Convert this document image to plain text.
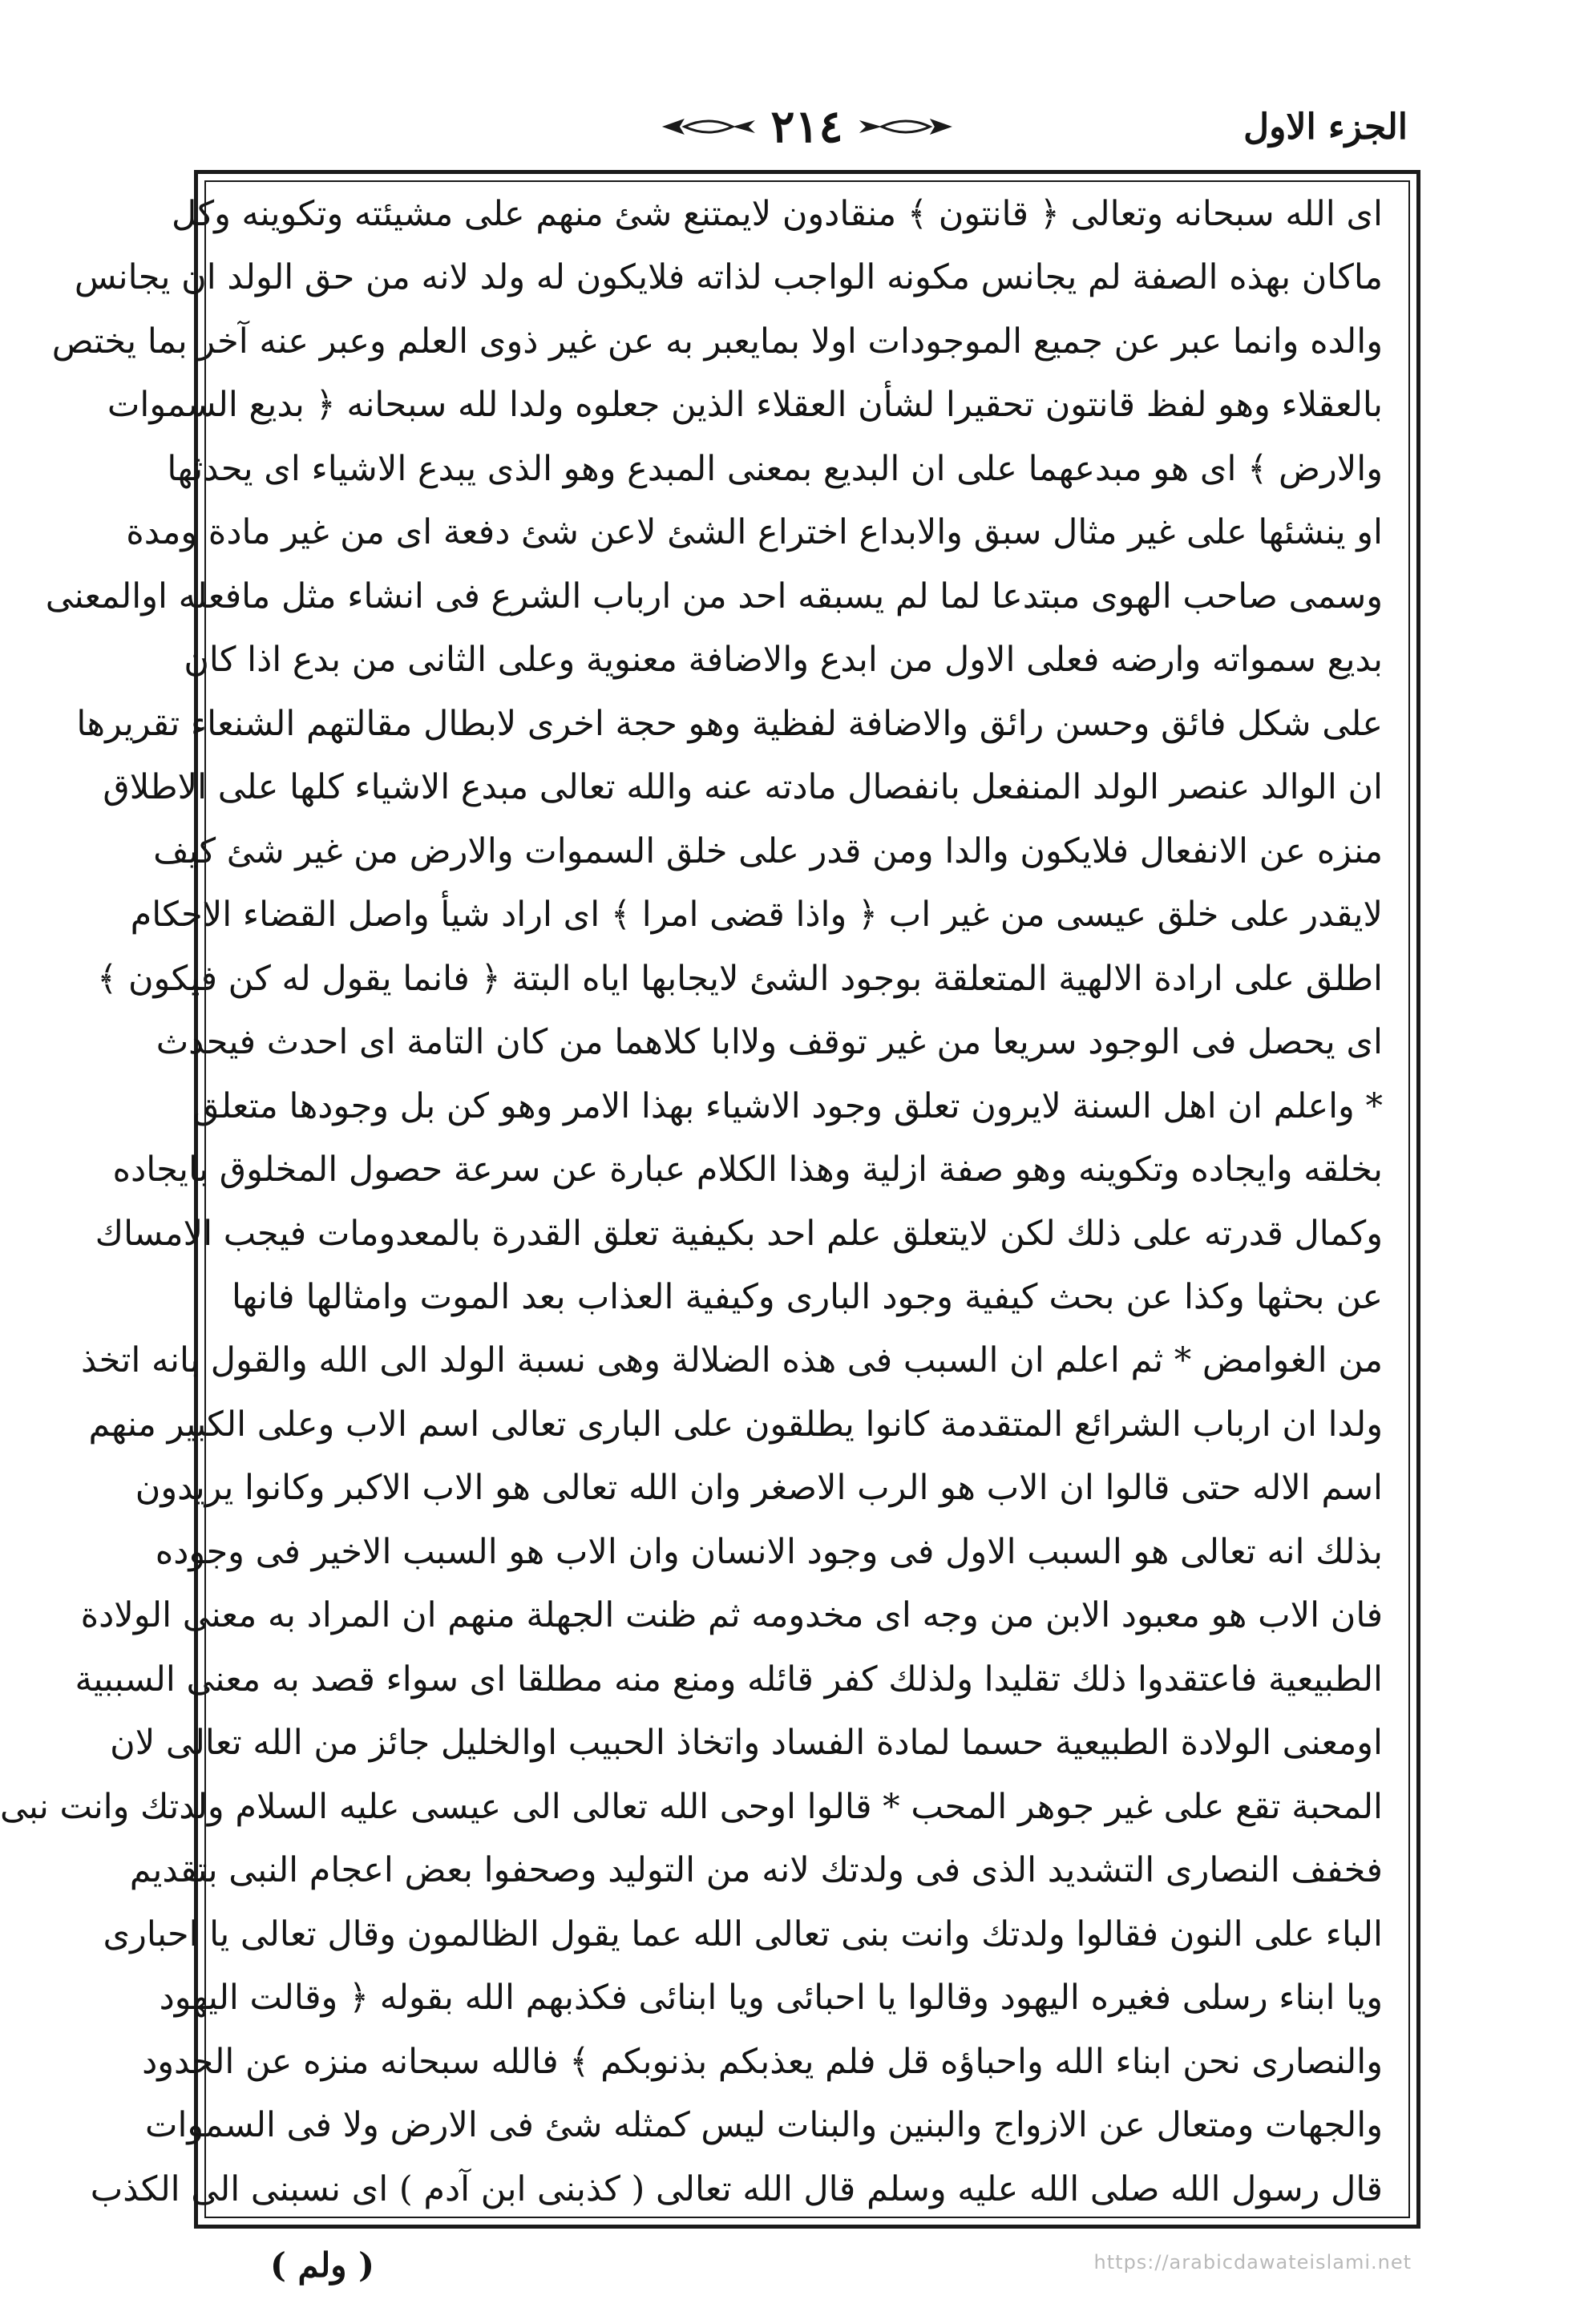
الجزء الاول
٢١٤
اى الله سبحانه وتعالى ﴿ قانتون ﴾ منقادون لايمتنع شئ منهم على مشيئته وتكوينه وكل
ماكان بهذه الصفة لم يجانس مكونه الواجب لذاته فلايكون له ولد لانه من حق الولد ان يجانس
والده وانما عبر عن جميع الموجودات اولا بمايعبر به عن غير ذوى العلم وعبر عنه آخر بما يختص
بالعقلاء وهو لفظ قانتون تحقيرا لشأن العقلاء الذين جعلوه ولدا لله سبحانه ﴿ بديع السموات
والارض ﴾ اى هو مبدعهما على ان البديع بمعنى المبدع وهو الذى يبدع الاشياء اى يحدثها
او ينشئها على غير مثال سبق والابداع اختراع الشئ لاعن شئ دفعة اى من غير مادة ومدة
وسمى صاحب الهوى مبتدعا لما لم يسبقه احد من ارباب الشرع فى انشاء مثل مافعله اوالمعنى
بديع سمواته وارضه فعلى الاول من ابدع والاضافة معنوية وعلى الثانى من بدع اذا كان
على شكل فائق وحسن رائق والاضافة لفظية وهو حجة اخرى لابطال مقالتهم الشنعاء تقريرها
ان الوالد عنصر الولد المنفعل بانفصال مادته عنه والله تعالى مبدع الاشياء كلها على الاطلاق
منزه عن الانفعال فلايكون والدا ومن قدر على خلق السموات والارض من غير شئ كيف
لايقدر على خلق عيسى من غير اب ﴿ واذا قضى امرا ﴾ اى اراد شيأ واصل القضاء الاحكام
اطلق على ارادة الالهية المتعلقة بوجود الشئ لايجابها اياه البتة ﴿ فانما يقول له كن فيكون ﴾
اى يحصل فى الوجود سريعا من غير توقف ولاابا كلاهما من كان التامة اى احدث فيحدث
* واعلم ان اهل السنة لايرون تعلق وجود الاشياء بهذا الامر وهو كن بل وجودها متعلق
بخلقه وايجاده وتكوينه وهو صفة ازلية وهذا الكلام عبارة عن سرعة حصول المخلوق بايجاده
وكمال قدرته على ذلك لكن لايتعلق علم احد بكيفية تعلق القدرة بالمعدومات فيجب الامساك
عن بحثها وكذا عن بحث كيفية وجود البارى وكيفية العذاب بعد الموت وامثالها فانها
من الغوامض * ثم اعلم ان السبب فى هذه الضلالة وهى نسبة الولد الى الله والقول بانه اتخذ
ولدا ان ارباب الشرائع المتقدمة كانوا يطلقون على البارى تعالى اسم الاب وعلى الكبير منهم
اسم الاله حتى قالوا ان الاب هو الرب الاصغر وان الله تعالى هو الاب الاكبر وكانوا يريدون
بذلك انه تعالى هو السبب الاول فى وجود الانسان وان الاب هو السبب الاخير فى وجوده
فان الاب هو معبود الابن من وجه اى مخدومه ثم ظنت الجهلة منهم ان المراد به معنى الولادة
الطبيعية فاعتقدوا ذلك تقليدا ولذلك كفر قائله ومنع منه مطلقا اى سواء قصد به معنى السببية
اومعنى الولادة الطبيعية حسما لمادة الفساد واتخاذ الحبيب اوالخليل جائز من الله تعالى لان
المحبة تقع على غير جوهر المحب * قالوا اوحى الله تعالى الى عيسى عليه السلام ولدتك وانت نبى
فخفف النصارى التشديد الذى فى ولدتك لانه من التوليد وصحفوا بعض اعجام النبى بتقديم
الباء على النون فقالوا ولدتك وانت بنى تعالى الله عما يقول الظالمون وقال تعالى يا احبارى
ويا ابناء رسلى فغيره اليهود وقالوا يا احبائى ويا ابنائى فكذبهم الله بقوله ﴿ وقالت اليهود
والنصارى نحن ابناء الله واحباؤه قل فلم يعذبكم بذنوبكم ﴾ فالله سبحانه منزه عن الحدود
والجهات ومتعال عن الازواج والبنين والبنات ليس كمثله شئ فى الارض ولا فى السموات
قال رسول الله صلى الله عليه وسلم قال الله تعالى ( كذبنى ابن آدم ) اى نسبنى الى الكذب
( ولم )	https://arabicdawateislami.net
